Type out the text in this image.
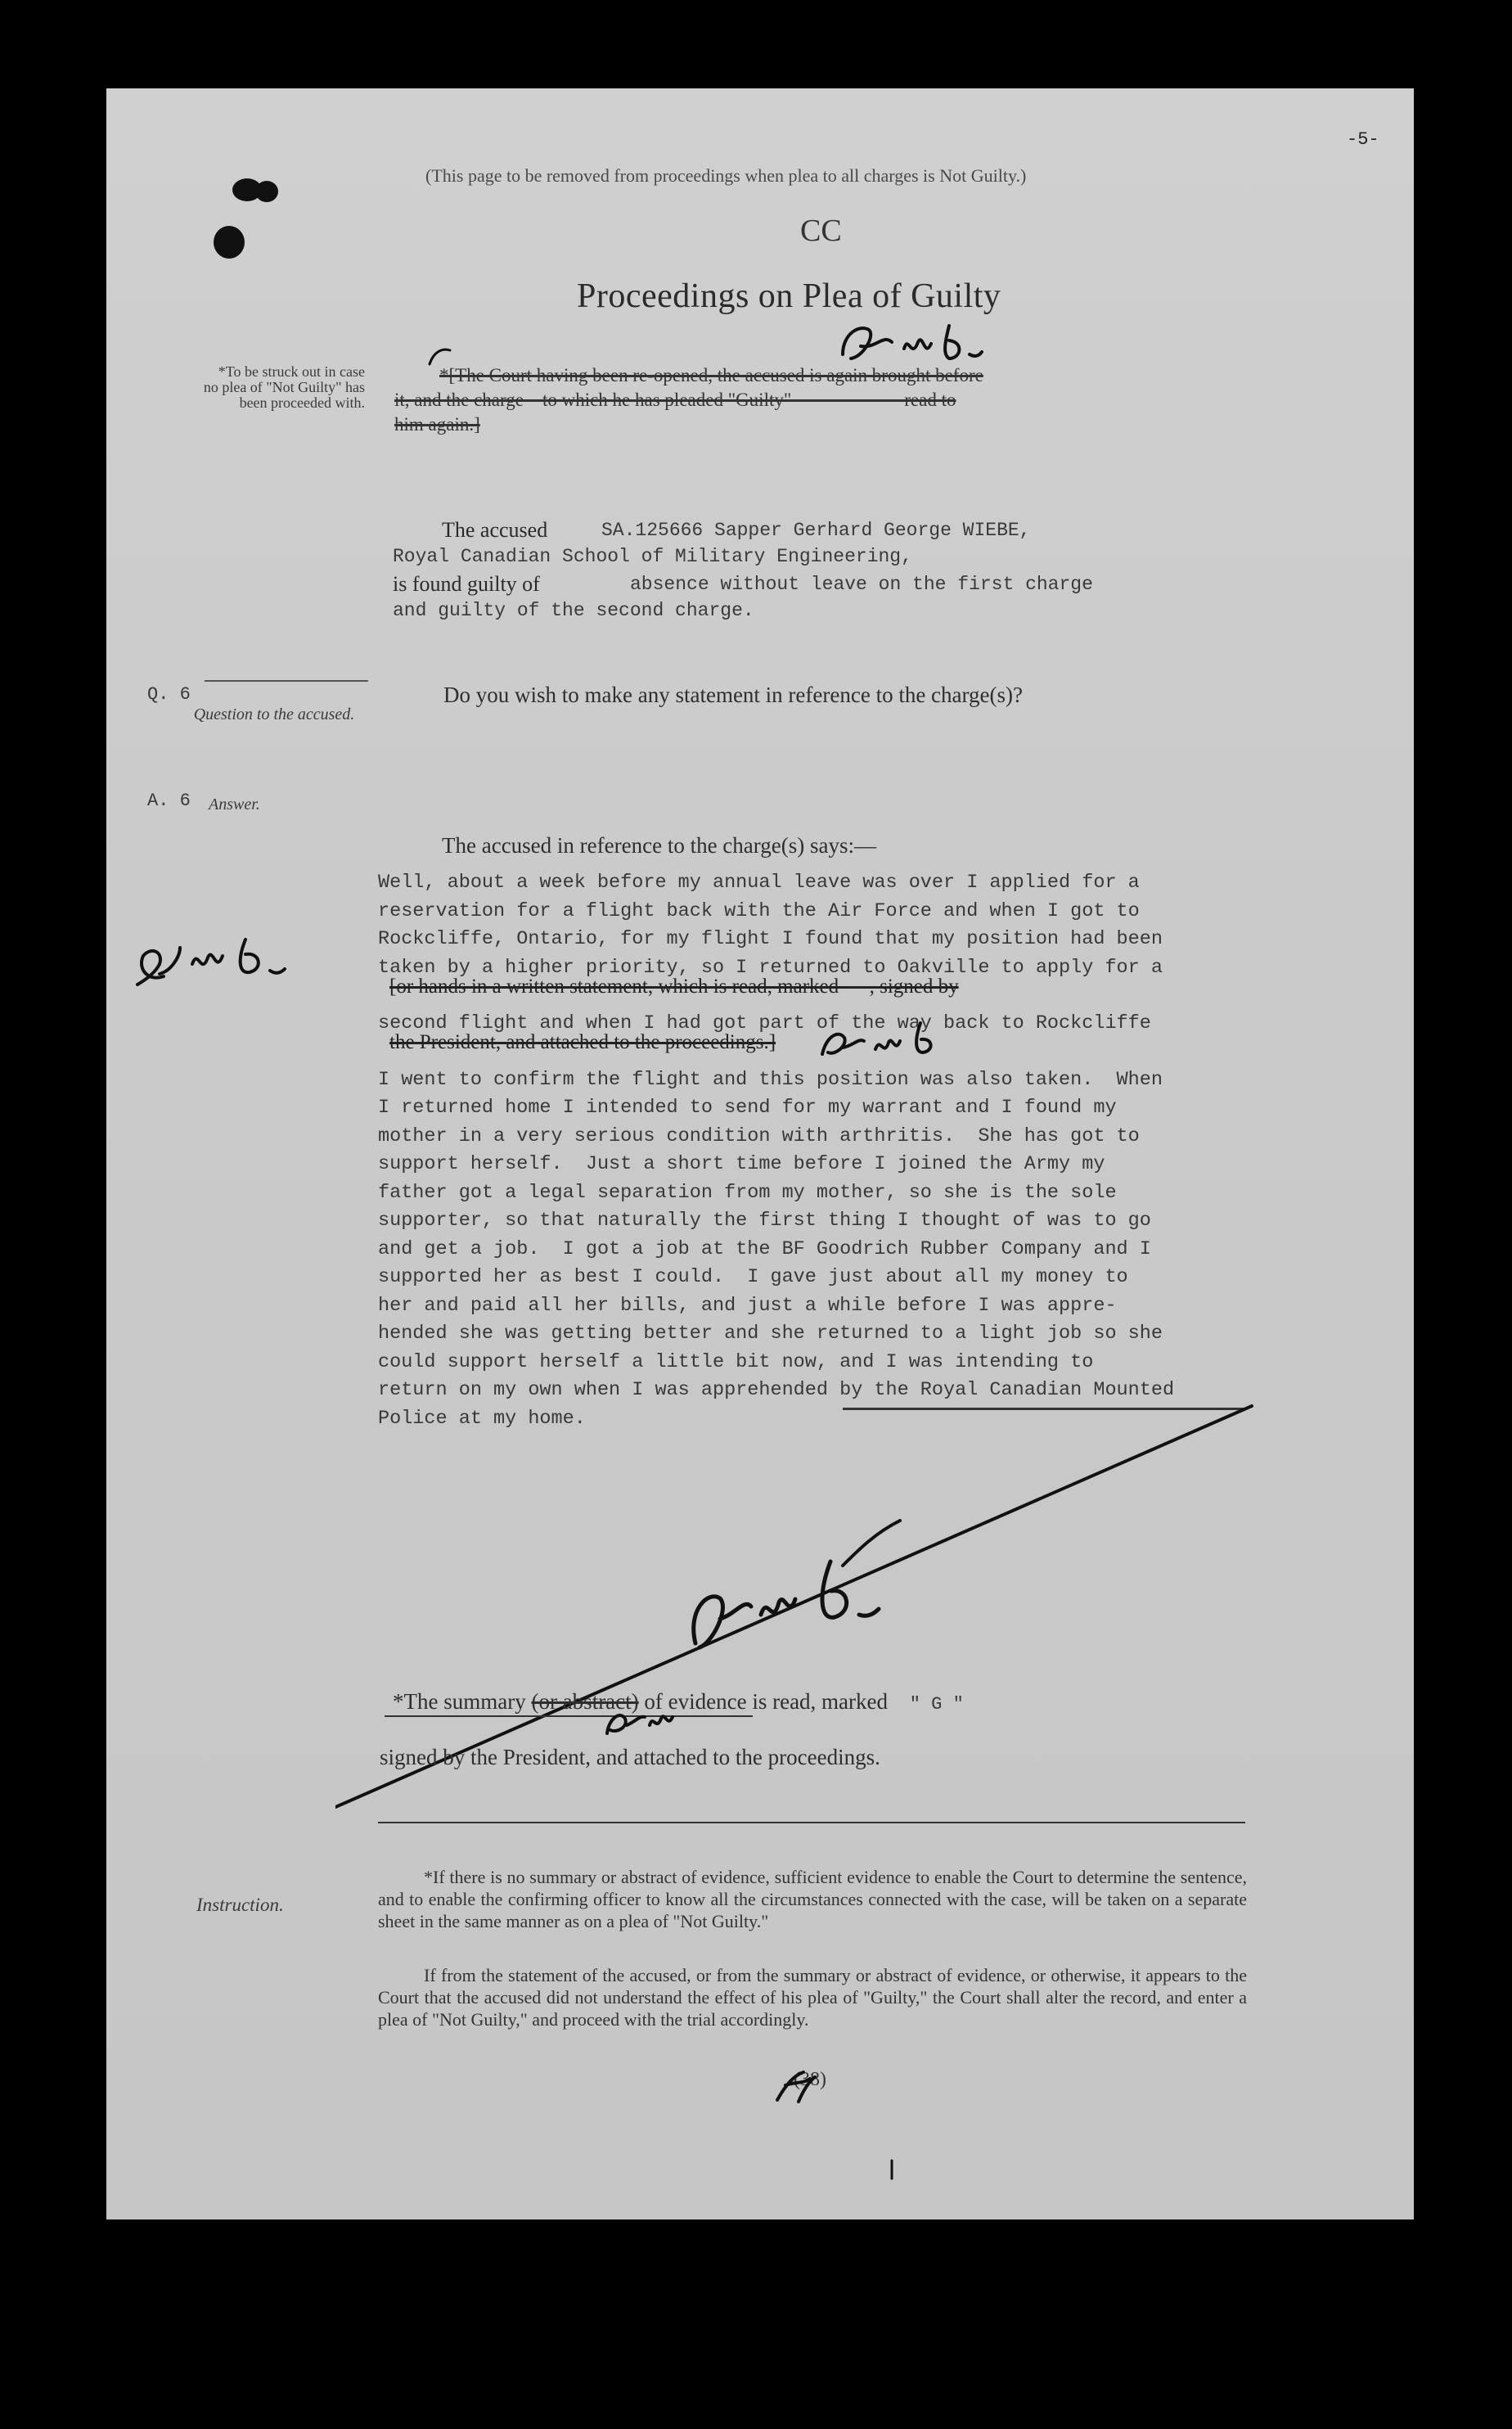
-5-
(This page to be removed from proceedings when plea to all charges is Not Guilty.)
CC
Proceedings on Plea of Guilty
*To be struck out in case no plea of "Not Guilty" has been proceeded with.
*[The Court having been re-opened, the accused is again brought before
it, and the charge    to which he has pleaded "Guilty"                        read to
him again.]
The accused	SA.125666 Sapper Gerhard George WIEBE,
Royal Canadian School of Military Engineering,
is found guilty of	absence without leave on the first charge
and guilty of the second charge.
Q. 6
Question to the accused.
Do you wish to make any statement in reference to the charge(s)?
A. 6 Answer.
The accused in reference to the charge(s) says:—
Well, about a week before my annual leave was over I applied for a
reservation for a flight back with the Air Force and when I got to
Rockcliffe, Ontario, for my flight I found that my position had been
taken by a higher priority, so I returned to Oakville to apply for a
second flight and when I had got part of the way back to Rockcliffe
I went to confirm the flight and this position was also taken.  When
I returned home I intended to send for my warrant and I found my
mother in a very serious condition with arthritis.  She has got to
support herself.  Just a short time before I joined the Army my
father got a legal separation from my mother, so she is the sole
supporter, so that naturally the first thing I thought of was to go
and get a job.  I got a job at the BF Goodrich Rubber Company and I
supported her as best I could.  I gave just about all my money to
her and paid all her bills, and just a while before I was appre-
hended she was getting better and she returned to a light job so she
could support herself a little bit now, and I was intending to
return on my own when I was apprehended by the Royal Canadian Mounted
Police at my home.
[or hands in a written statement, which is read, marked      , signed by
the President, and attached to the proceedings.]
*The summary (or abstract) of evidence is read, marked " G "
signed by the President, and attached to the proceedings.
Instruction.
*If there is no summary or abstract of evidence, sufficient evidence to enable the Court to determine the sentence, and to enable the confirming officer to know all the circumstances connected with the case, will be taken on a separate sheet in the same manner as on a plea of "Not Guilty."
If from the statement of the accused, or from the summary or abstract of evidence, or otherwise, it appears to the Court that the accused did not understand the effect of his plea of "Guilty," the Court shall alter the record, and enter a plea of "Not Guilty," and proceed with the trial accordingly.
(38)
